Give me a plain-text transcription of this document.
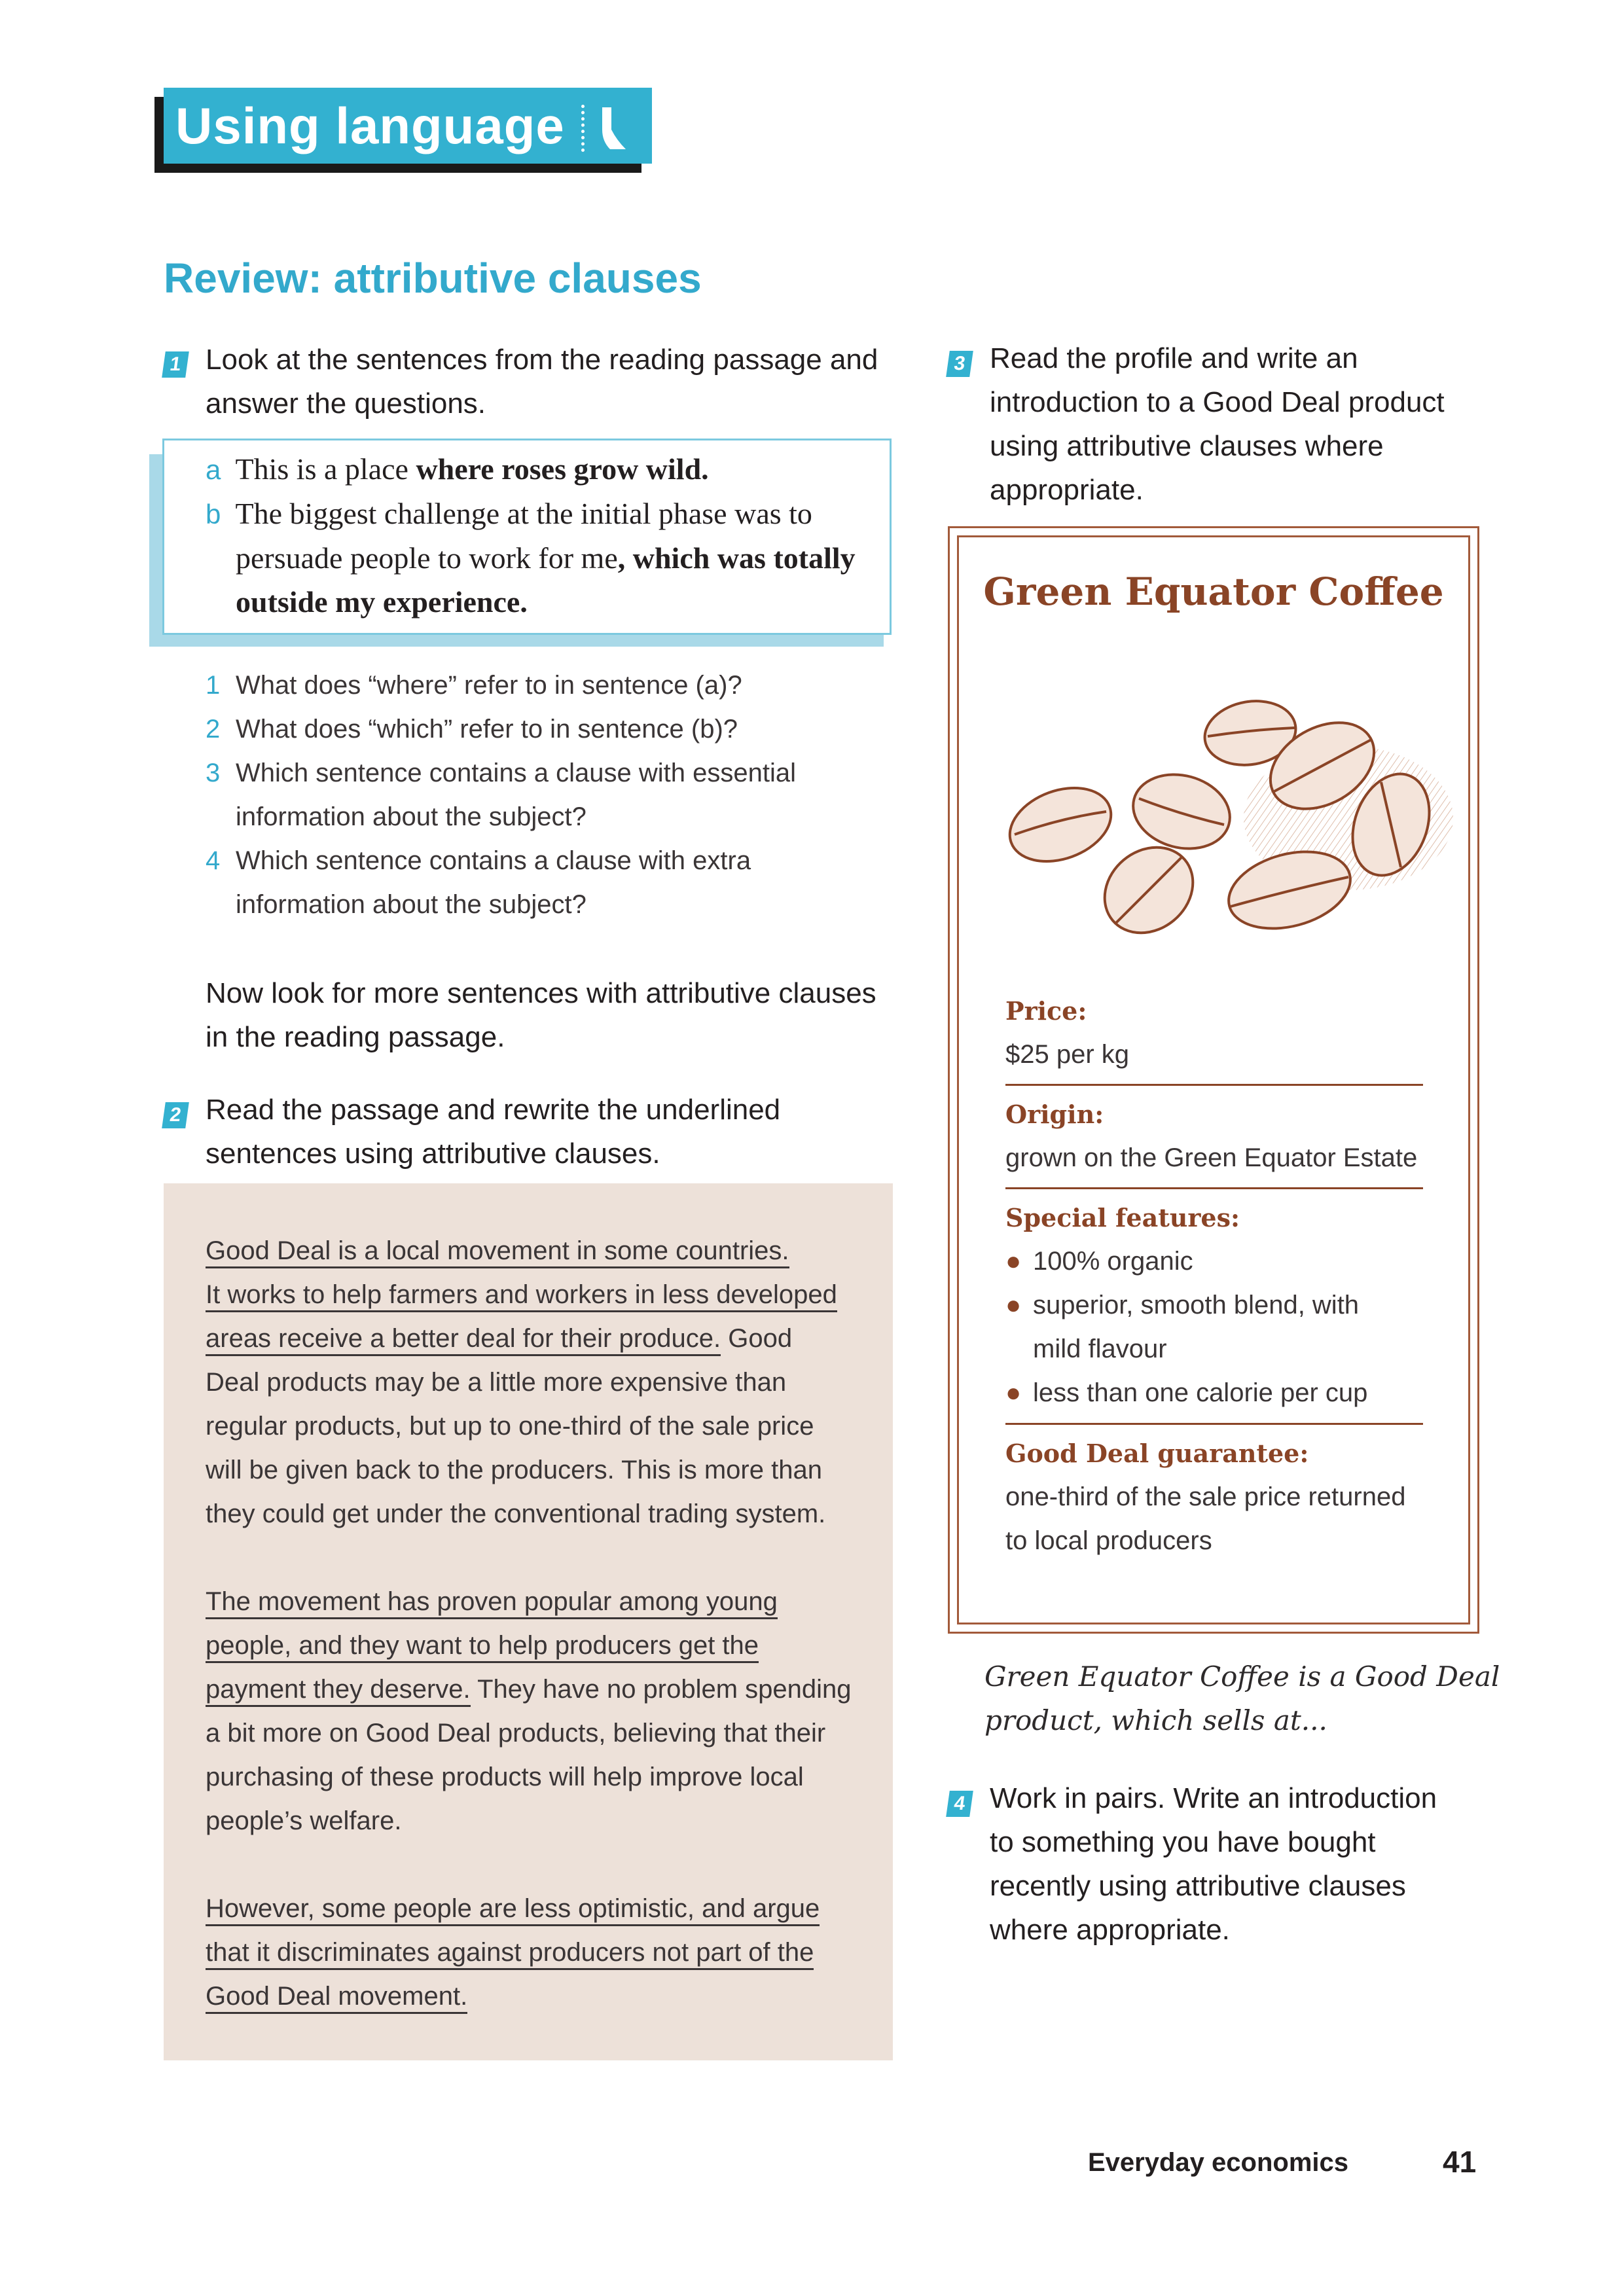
Using language
Review: attributive clauses
1 Look at the sentences from the reading passage and
answer the questions.
a This is a place where roses grow wild.
b The biggest challenge at the initial phase was to
persuade people to work for me, which was totally
outside my experience.
1 What does “where” refer to in sentence (a)?
2 What does “which” refer to in sentence (b)?
3 Which sentence contains a clause with essential
information about the subject?
4 Which sentence contains a clause with extra
information about the subject?
Now look for more sentences with attributive clauses
in the reading passage.
2 Read the passage and rewrite the underlined
sentences using attributive clauses.
Good Deal is a local movement in some countries.
It works to help farmers and workers in less developed
areas receive a better deal for their produce. Good
Deal products may be a little more expensive than
regular products, but up to one-third of the sale price
will be given back to the producers. This is more than
they could get under the conventional trading system.
The movement has proven popular among young
people, and they want to help producers get the
payment they deserve. They have no problem spending
a bit more on Good Deal products, believing that their
purchasing of these products will help improve local
people’s welfare.
However, some people are less optimistic, and argue
that it discriminates against producers not part of the
Good Deal movement.
3 Read the profile and write an
introduction to a Good Deal product
using attributive clauses where
appropriate.
Green Equator Coffee
Price:
$25 per kg
Origin:
grown on the Green Equator Estate
Special features:
● 100% organic
● superior, smooth blend, with
mild flavour
● less than one calorie per cup
Good Deal guarantee:
one-third of the sale price returned
to local producers
Green Equator Coffee is a Good Deal
product, which sells at...
4 Work in pairs. Write an introduction
to something you have bought
recently using attributive clauses
where appropriate.
Everyday economics	41
